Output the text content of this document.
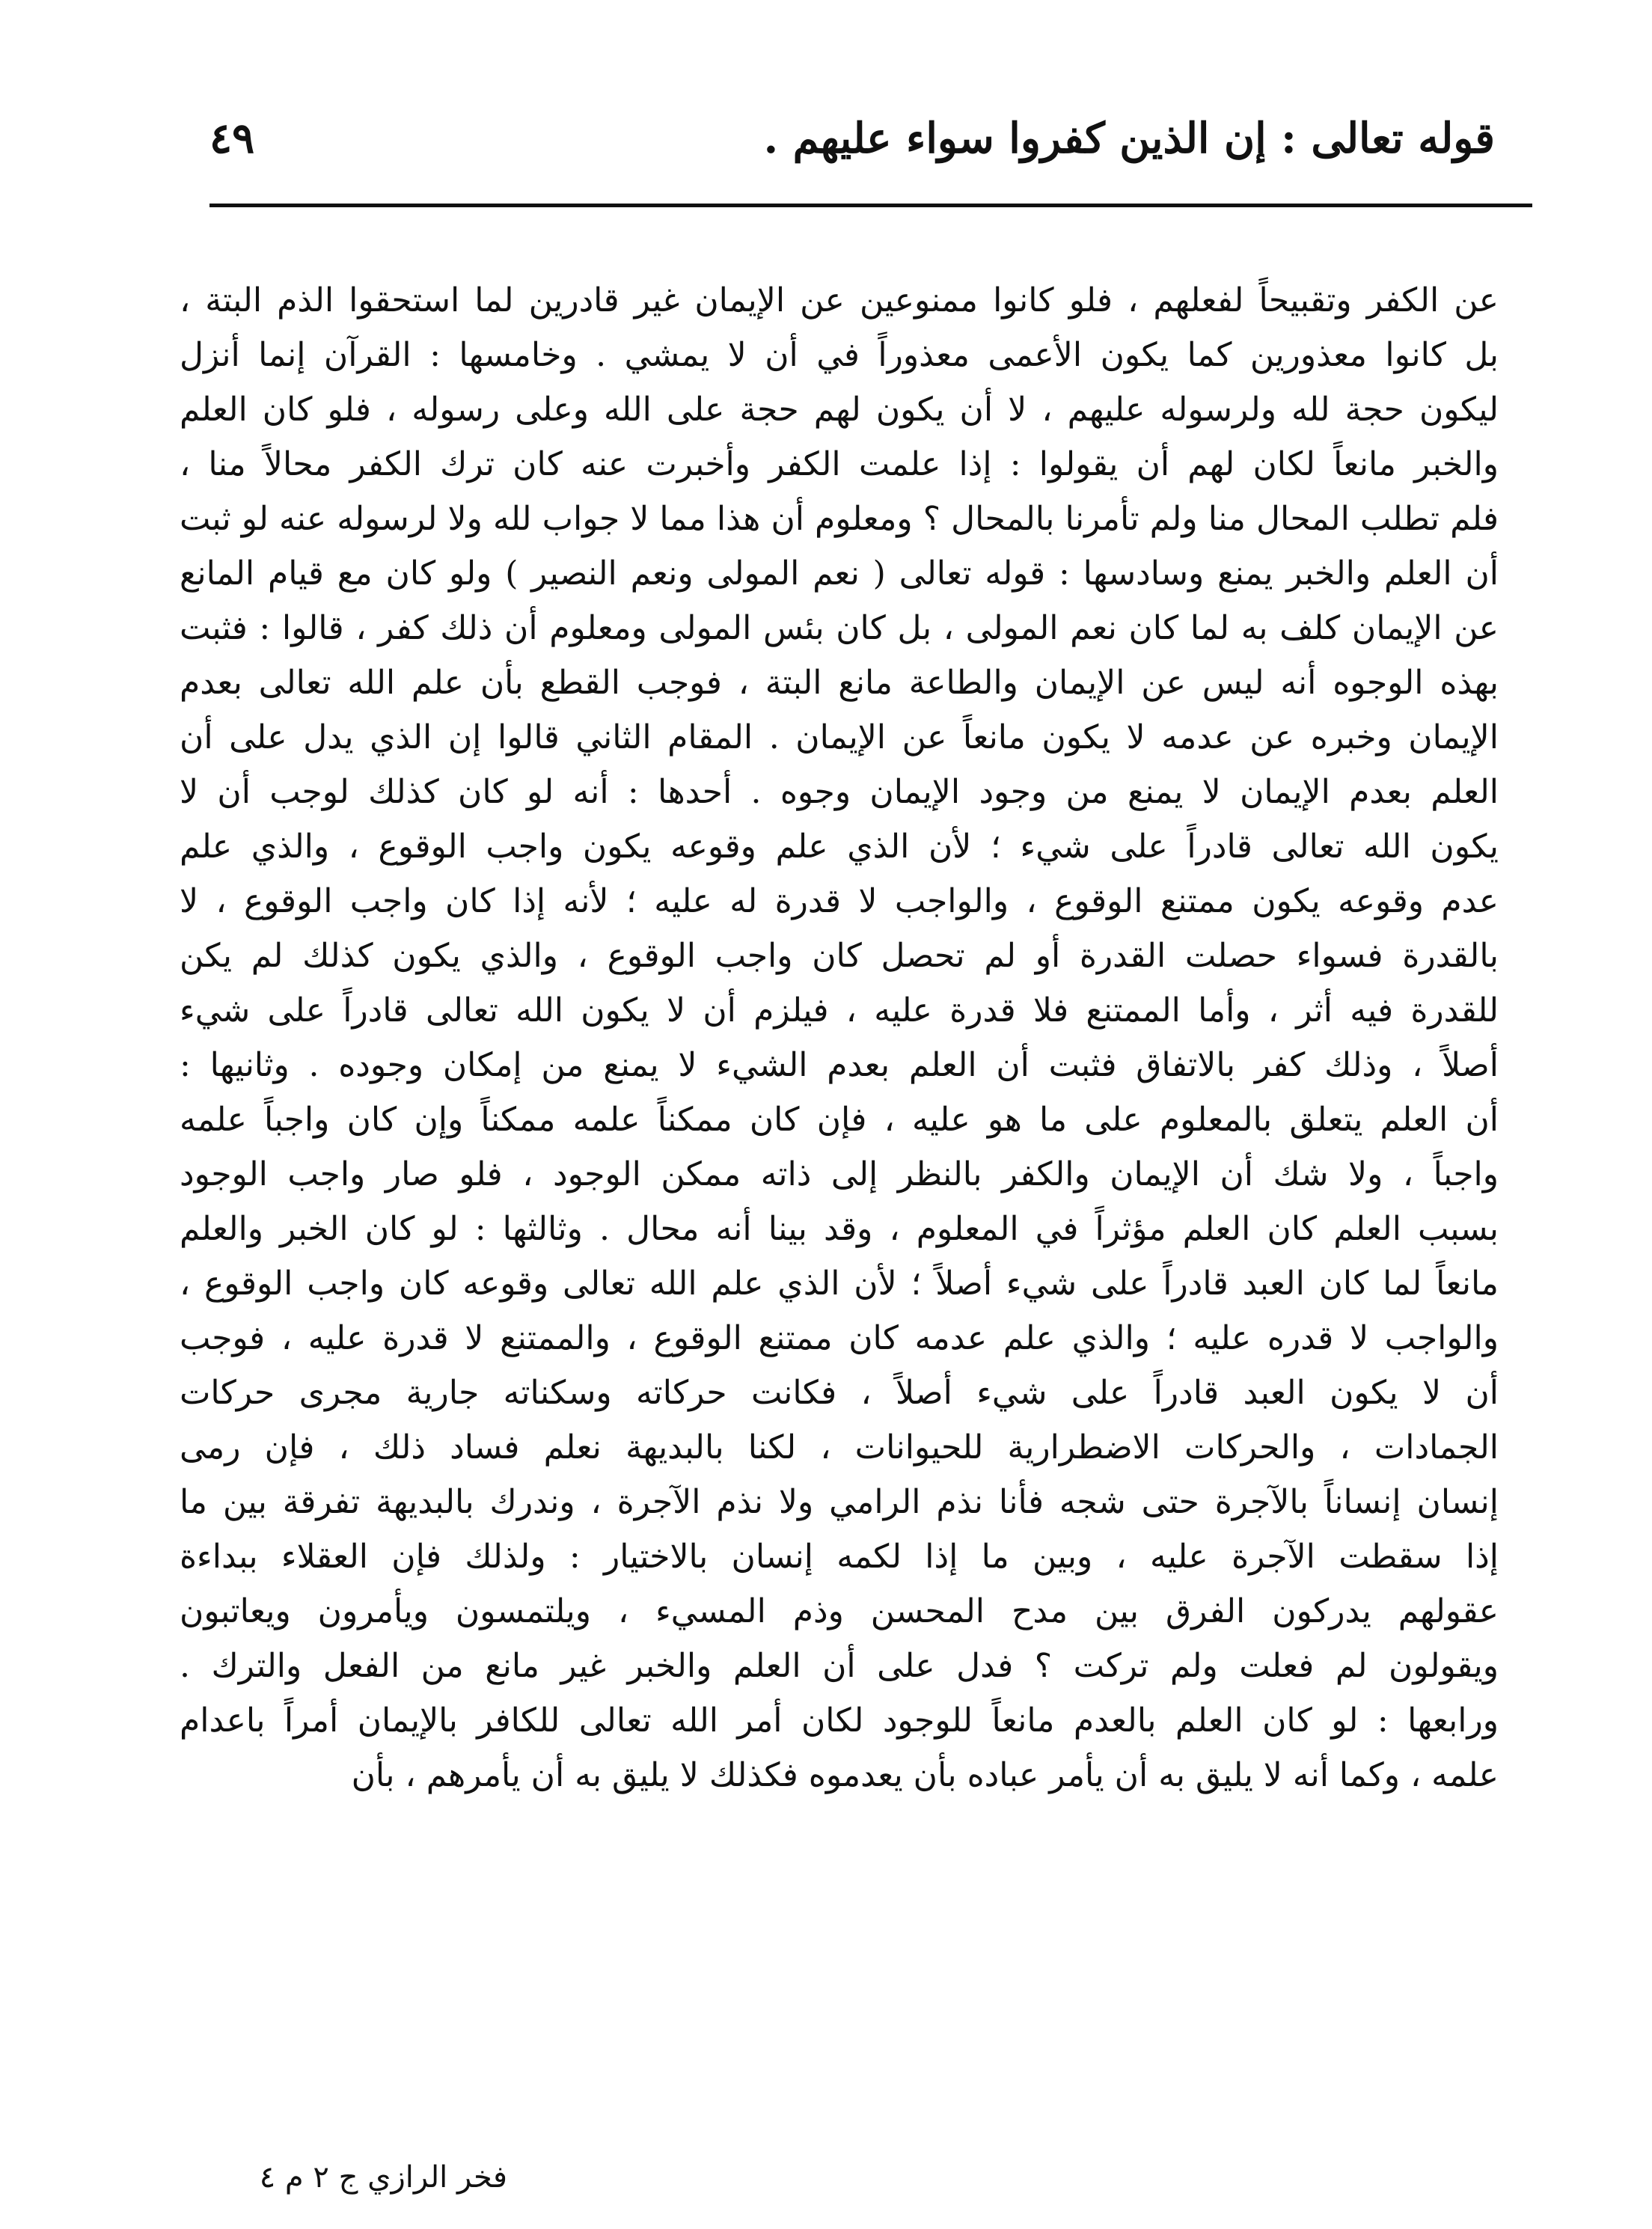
قوله تعالى : إن الذين كفروا سواء عليهم .
٤٩
عن الكفر وتقبيحاً لفعلهم ، فلو كانوا ممنوعين عن الإيمان غير قادرين لما استحقوا الذم البتة ،
بل كانوا معذورين كما يكون الأعمى معذوراً في أن لا يمشي . وخامسها : القرآن إنما أنزل
ليكون حجة لله ولرسوله عليهم ، لا أن يكون لهم حجة على الله وعلى رسوله ، فلو كان العلم
والخبر مانعاً لكان لهم أن يقولوا : إذا علمت الكفر وأخبرت عنه كان ترك الكفر محالاً منا ،
فلم تطلب المحال منا ولم تأمرنا بالمحال ؟ ومعلوم أن هذا مما لا جواب لله ولا لرسوله عنه لو ثبت
أن العلم والخبر يمنع وسادسها : قوله تعالى ( نعم المولى ونعم النصير ) ولو كان مع قيام المانع
عن الإيمان كلف به لما كان نعم المولى ، بل كان بئس المولى ومعلوم أن ذلك كفر ، قالوا : فثبت
بهذه الوجوه أنه ليس عن الإيمان والطاعة مانع البتة ، فوجب القطع بأن علم الله تعالى بعدم
الإيمان وخبره عن عدمه لا يكون مانعاً عن الإيمان . المقام الثاني قالوا إن الذي يدل على أن
العلم بعدم الإيمان لا يمنع من وجود الإيمان وجوه . أحدها : أنه لو كان كذلك لوجب أن لا
يكون الله تعالى قادراً على شيء ؛ لأن الذي علم وقوعه يكون واجب الوقوع ، والذي علم
عدم وقوعه يكون ممتنع الوقوع ، والواجب لا قدرة له عليه ؛ لأنه إذا كان واجب الوقوع ، لا
بالقدرة فسواء حصلت القدرة أو لم تحصل كان واجب الوقوع ، والذي يكون كذلك لم يكن
للقدرة فيه أثر ، وأما الممتنع فلا قدرة عليه ، فيلزم أن لا يكون الله تعالى قادراً على شيء
أصلاً ، وذلك كفر بالاتفاق فثبت أن العلم بعدم الشيء لا يمنع من إمكان وجوده . وثانيها :
أن العلم يتعلق بالمعلوم على ما هو عليه ، فإن كان ممكناً علمه ممكناً وإن كان واجباً علمه
واجباً ، ولا شك أن الإيمان والكفر بالنظر إلى ذاته ممكن الوجود ، فلو صار واجب الوجود
بسبب العلم كان العلم مؤثراً في المعلوم ، وقد بينا أنه محال . وثالثها : لو كان الخبر والعلم
مانعاً لما كان العبد قادراً على شيء أصلاً ؛ لأن الذي علم الله تعالى وقوعه كان واجب الوقوع ،
والواجب لا قدره عليه ؛ والذي علم عدمه كان ممتنع الوقوع ، والممتنع لا قدرة عليه ، فوجب
أن لا يكون العبد قادراً على شيء أصلاً ، فكانت حركاته وسكناته جارية مجرى حركات
الجمادات ، والحركات الاضطرارية للحيوانات ، لكنا بالبديهة نعلم فساد ذلك ، فإن رمى
إنسان إنساناً بالآجرة حتى شجه فأنا نذم الرامي ولا نذم الآجرة ، وندرك بالبديهة تفرقة بين ما
إذا سقطت الآجرة عليه ، وبين ما إذا لكمه إنسان بالاختيار : ولذلك فإن العقلاء ببداءة
عقولهم يدركون الفرق بين مدح المحسن وذم المسيء ، ويلتمسون ويأمرون ويعاتبون
ويقولون لم فعلت ولم تركت ؟ فدل على أن العلم والخبر غير مانع من الفعل والترك .
ورابعها : لو كان العلم بالعدم مانعاً للوجود لكان أمر الله تعالى للكافر بالإيمان أمراً باعدام
علمه ، وكما أنه لا يليق به أن يأمر عباده بأن يعدموه فكذلك لا يليق به أن يأمرهم ، بأن
فخر الرازي ج ٢ م ٤
